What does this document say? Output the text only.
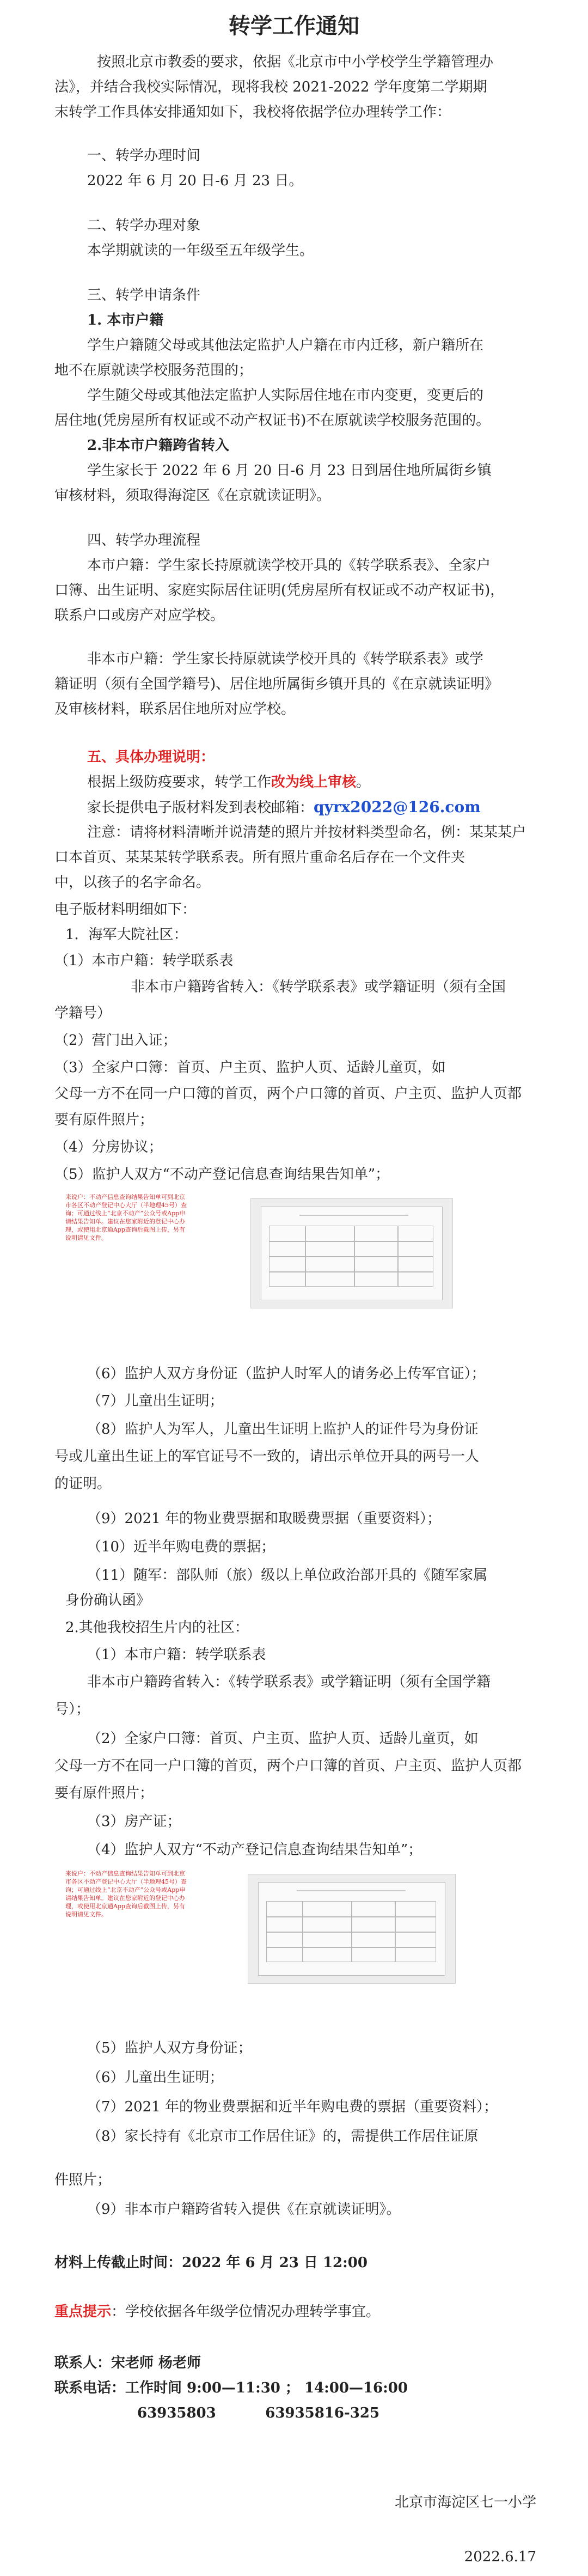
转学工作通知
按照北京市教委的要求，依据《北京市中小学校学生学籍管理办
法》，并结合我校实际情况，现将我校 2021-2022 学年度第二学期期
末转学工作具体安排通知如下，我校将依据学位办理转学工作：
一、转学办理时间
2022 年 6 月 20 日-6 月 23 日。
二、转学办理对象
本学期就读的一年级至五年级学生。
三、转学申请条件
1. 本市户籍
学生户籍随父母或其他法定监护人户籍在市内迁移，新户籍所在
地不在原就读学校服务范围的；
学生随父母或其他法定监护人实际居住地在市内变更，变更后的
居住地(凭房屋所有权证或不动产权证书)不在原就读学校服务范围的。
2.非本市户籍跨省转入
学生家长于 2022 年 6 月 20 日-6 月 23 日到居住地所属街乡镇
审核材料，须取得海淀区《在京就读证明》。
四、转学办理流程
本市户籍：学生家长持原就读学校开具的《转学联系表》、全家户
口簿、出生证明、家庭实际居住证明(凭房屋所有权证或不动产权证书)，
联系户口或房产对应学校。
非本市户籍：学生家长持原就读学校开具的《转学联系表》或学
籍证明（须有全国学籍号)、居住地所属街乡镇开具的《在京就读证明》
及审核材料，联系居住地所对应学校。
五、具体办理说明：
根据上级防疫要求，转学工作改为线上审核。
家长提供电子版材料发到表校邮箱：qyrx2022@126.com
注意：请将材料清晰并说清楚的照片并按材料类型命名，例：某某某户
口本首页、某某某转学联系表。所有照片重命名后存在一个文件夹
中，以孩子的名字命名。
电子版材料明细如下：
1．海军大院社区：
（1）本市户籍：转学联系表
非本市户籍跨省转入：《转学联系表》或学籍证明（须有全国
学籍号）
（2）营门出入证；
（3）全家户口簿：首页、户主页、监护人页、适龄儿童页，如
父母一方不在同一户口簿的首页，两个户口簿的首页、户主页、监护人页都
要有原件照片；
（4）分房协议；
（5）监护人双方“不动产登记信息查询结果告知单”；
来说户：不动产信息查询结果告知单可到北京市各区不动产登记中心大厅（半地理45号）查询；可通过线上“北京不动产”公众号或App申请结果告知单。建议在您家附近的登记中心办理，或使用北京通App查询后截图上传，另有说明请见文件。
（6）监护人双方身份证（监护人时军人的请务必上传军官证）；
（7）儿童出生证明；
（8）监护人为军人，儿童出生证明上监护人的证件号为身份证
号或儿童出生证上的军官证号不一致的，请出示单位开具的两号一人
的证明。
（9）2021 年的物业费票据和取暖费票据（重要资料）；
（10）近半年购电费的票据；
（11）随军：部队师（旅）级以上单位政治部开具的《随军家属
身份确认函》
2.其他我校招生片内的社区：
（1）本市户籍：转学联系表
非本市户籍跨省转入：《转学联系表》或学籍证明（须有全国学籍
号）；
（2）全家户口簿：首页、户主页、监护人页、适龄儿童页，如
父母一方不在同一户口簿的首页，两个户口簿的首页、户主页、监护人页都
要有原件照片；
（3）房产证；
（4）监护人双方“不动产登记信息查询结果告知单”；
来说户：不动产信息查询结果告知单可到北京市各区不动产登记中心大厅（半地理45号）查询；可通过线上“北京不动产”公众号或App申请结果告知单。建议在您家附近的登记中心办理，或使用北京通App查询后截图上传，另有说明请见文件。
（5）监护人双方身份证；
（6）儿童出生证明；
（7）2021 年的物业费票据和近半年购电费的票据（重要资料）；
（8）家长持有《北京市工作居住证》的，需提供工作居住证原
件照片；
（9）非本市户籍跨省转入提供《在京就读证明》。
材料上传截止时间：2022 年 6 月 23 日 12:00
重点提示：学校依据各年级学位情况办理转学事宜。
联系人：宋老师 杨老师
联系电话：工作时间 9:00—11:30 ； 14:00—16:00
63935803          63935816-325
北京市海淀区七一小学
2022.6.17
